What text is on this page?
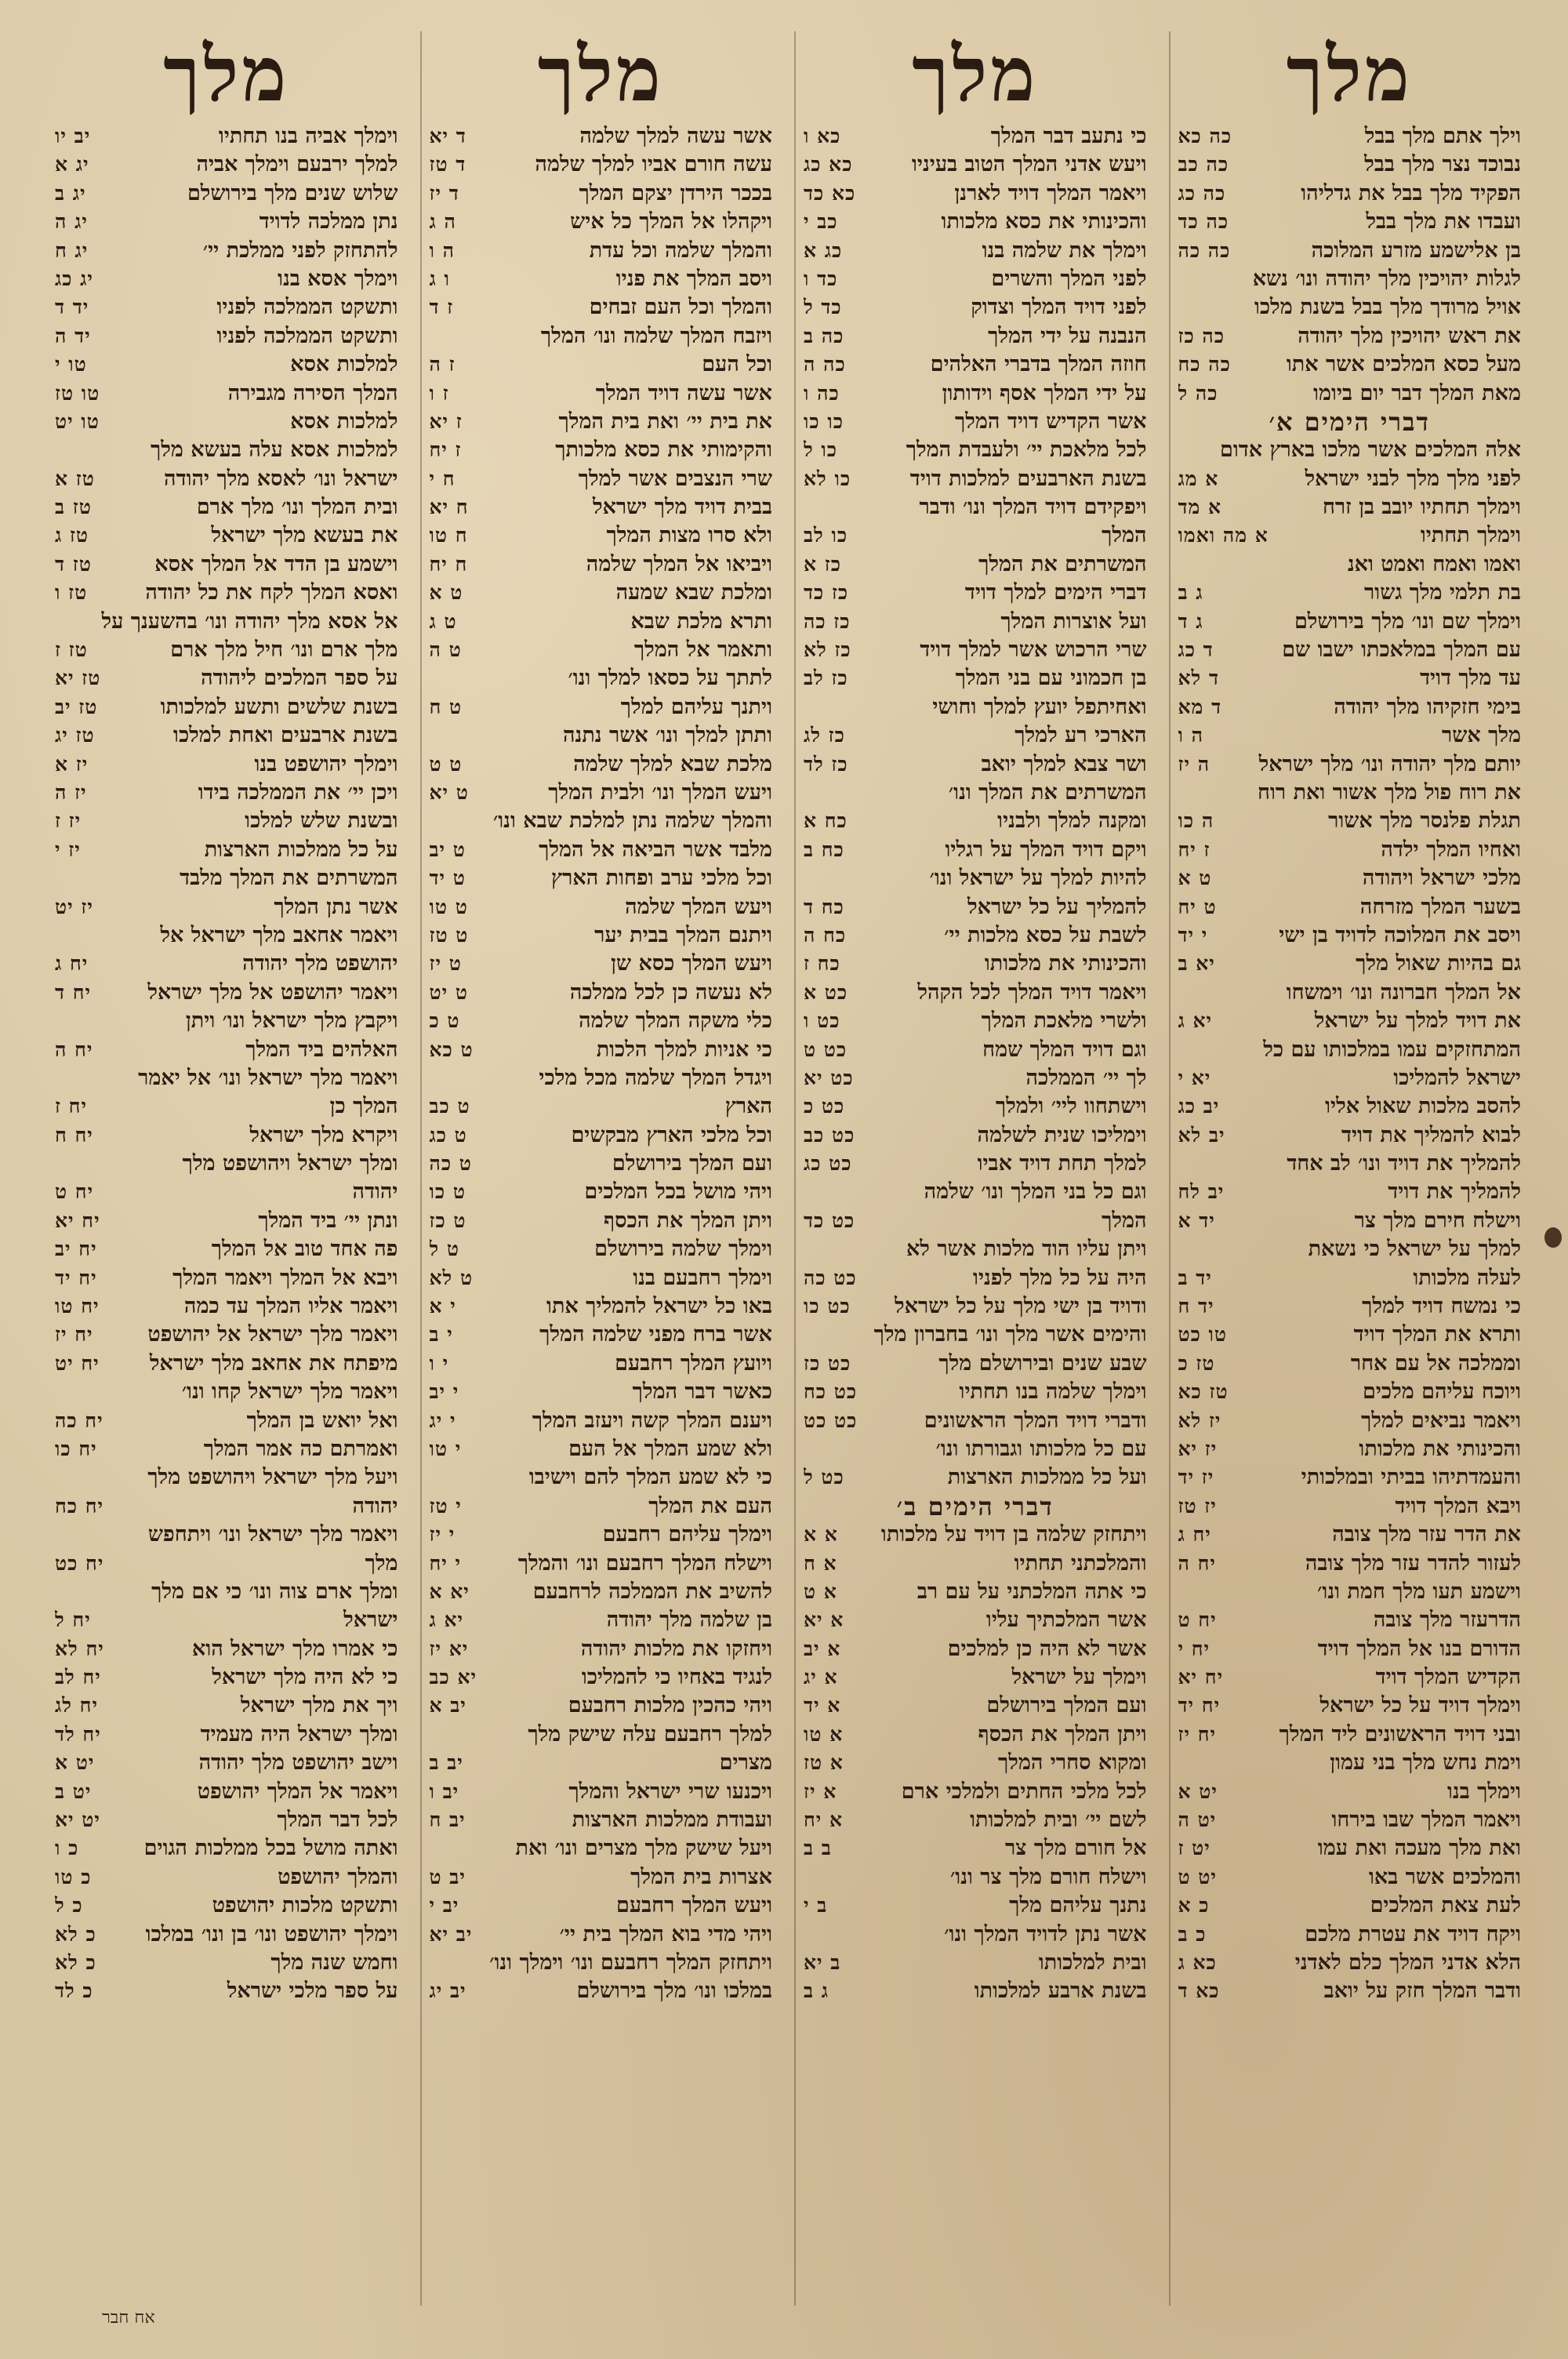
מלך
וילך אתם מלך בבל
כה כא
נבוכד נצר מלך בבל
כה כב
הפקיד מלך בבל את גדליהו
כה כג
ועבדו את מלך בבל
כה כד
בן אלישמע מזרע המלוכה
כה כה
לגלות יהויכין מלך יהודה ונו׳ נשא
אויל מרודך מלך בבל בשנת מלכו
את ראש יהויכין מלך יהודה
כה כז
מעל כסא המלכים אשר אתו
כה כח
מאת המלך דבר יום ביומו
כה ל
דברי הימים א׳
אלה המלכים אשר מלכו בארץ אדום
לפני מלך מלך לבני ישראל
א מג
וימלך תחתיו יובב בן זרח
א מד
וימלך תחתיו
א מה ואמו
ואמו ואמח ואמט ואנ
בת תלמי מלך גשור
ג ב
וימלך שם ונו׳ מלך בירושלם
ג ד
עם המלך במלאכתו ישבו שם
ד כג
עד מלך דויד
ד לא
בימי חזקיהו מלך יהודה
ד מא
מלך אשר
ה ו
יותם מלך יהודה ונו׳ מלך ישראל
ה יז
את רוח פול מלך אשור ואת רוח
תגלת פלנסר מלך אשור
ה כו
ואחיו המלך ילדה
ז יח
מלכי ישראל ויהודה
ט א
בשער המלך מזרחה
ט יח
ויסב את המלוכה לדויד בן ישי
י יד
גם בהיות שאול מלך
יא ב
אל המלך חברונה ונו׳ וימשחו
את דויד למלך על ישראל
יא ג
המתחזקים עמו במלכותו עם כל
ישראל להמליכו
יא י
להסב מלכות שאול אליו
יב כג
לבוא להמליך את דויד
יב לא
להמליך את דויד ונו׳ לב אחד
להמליך את דויד
יב לח
וישלח חירם מלך צר
יד א
למלך על ישראל כי נשאת
לעלה מלכותו
יד ב
כי נמשח דויד למלך
יד ח
ותרא את המלך דויד
טו כט
וממלכה אל עם אחר
טז כ
ויוכח עליהם מלכים
טז כא
ויאמר נביאים למלך
יז לא
והכינותי את מלכותו
יז יא
והעמדתיהו בביתי ובמלכותי
יז יד
ויבא המלך דויד
יז טז
את הדר עזר מלך צובה
יח ג
לעזור להדר עזר מלך צובה
יח ה
וישמע תעו מלך חמת ונו׳
הדרעזר מלך צובה
יח ט
הדורם בנו אל המלך דויד
יח י
הקדיש המלך דויד
יח יא
וימלך דויד על כל ישראל
יח יד
ובני דויד הראשונים ליד המלך
יח יז
וימת נחש מלך בני עמון
וימלך בנו
יט א
ויאמר המלך שבו בירחו
יט ה
ואת מלך מעכה ואת עמו
יט ז
והמלכים אשר באו
יט ט
לעת צאת המלכים
כ א
ויקח דויד את עטרת מלכם
כ ב
הלא אדני המלך כלם לאדני
כא ג
ודבר המלך חזק על יואב
כא ד
מלך
כי נתעב דבר המלך
כא ו
ויעש אדני המלך הטוב בעיניו
כא כג
ויאמר המלך דויד לארנן
כא כד
והכינותי את כסא מלכותו
כב י
וימלך את שלמה בנו
כג א
לפני המלך והשרים
כד ו
לפני דויד המלך וצדוק
כד ל
הנבנה על ידי המלך
כה ב
חוזה המלך בדברי האלהים
כה ה
על ידי המלך אסף וידותון
כה ו
אשר הקדיש דויד המלך
כו כו
לכל מלאכת יי׳ ולעבדת המלך
כו ל
בשנת הארבעים למלכות דויד
כו לא
ויפקידם דויד המלך ונו׳ ודבר
המלך
כו לב
המשרתים את המלך
כז א
דברי הימים למלך דויד
כז כד
ועל אוצרות המלך
כז כה
שרי הרכוש אשר למלך דויד
כז לא
בן חכמוני עם בני המלך
כז לב
ואחיתפל יועץ למלך וחושי
הארכי רע למלך
כז לג
ושר צבא למלך יואב
כז לד
המשרתים את המלך ונו׳
ומקנה למלך ולבניו
כח א
ויקם דויד המלך על רגליו
כח ב
להיות למלך על ישראל ונו׳
להמליך על כל ישראל
כח ד
לשבת על כסא מלכות יי׳
כח ה
והכינותי את מלכותו
כח ז
ויאמר דויד המלך לכל הקהל
כט א
ולשרי מלאכת המלך
כט ו
וגם דויד המלך שמח
כט ט
לך יי׳ הממלכה
כט יא
וישתחוו ליי׳ ולמלך
כט כ
וימליכו שנית לשלמה
כט כב
למלך תחת דויד אביו
כט כג
וגם כל בני המלך ונו׳ שלמה
המלך
כט כד
ויתן עליו הוד מלכות אשר לא
היה על כל מלך לפניו
כט כה
ודויד בן ישי מלך על כל ישראל
כט כו
והימים אשר מלך ונו׳ בחברון מלך
שבע שנים ובירושלם מלך
כט כז
וימלך שלמה בנו תחתיו
כט כח
ודברי דויד המלך הראשונים
כט כט
עם כל מלכותו וגבורתו ונו׳
ועל כל ממלכות הארצות
כט ל
דברי הימים ב׳
ויתחזק שלמה בן דויד על מלכותו
א א
והמלכתני תחתיו
א ח
כי אתה המלכתני על עם רב
א ט
אשר המלכתיך עליו
א יא
אשר לא היה כן למלכים
א יב
וימלך על ישראל
א יג
ועם המלך בירושלם
א יד
ויתן המלך את הכסף
א טו
ומקוא סחרי המלך
א טז
לכל מלכי החתים ולמלכי ארם
א יז
לשם יי׳ ובית למלכותו
א יח
אל חורם מלך צר
ב ב
וישלח חורם מלך צר ונו׳
נתנך עליהם מלך
ב י
אשר נתן לדויד המלך ונו׳
ובית למלכותו
ב יא
בשנת ארבע למלכותו
ג ב
מלך
אשר עשה למלך שלמה
ד יא
עשה חורם אביו למלך שלמה
ד טז
בככר הירדן יצקם המלך
ד יז
ויקהלו אל המלך כל איש
ה ג
והמלך שלמה וכל עדת
ה ו
ויסב המלך את פניו
ו ג
והמלך וכל העם זבחים
ז ד
ויזבח המלך שלמה ונו׳ המלך
וכל העם
ז ה
אשר עשה דויד המלך
ז ו
את בית יי׳ ואת בית המלך
ז יא
והקימותי את כסא מלכותך
ז יח
שרי הנצבים אשר למלך
ח י
בבית דויד מלך ישראל
ח יא
ולא סרו מצות המלך
ח טו
ויביאו אל המלך שלמה
ח יח
ומלכת שבא שמעה
ט א
ותרא מלכת שבא
ט ג
ותאמר אל המלך
ט ה
לתתך על כסאו למלך ונו׳
ויתנך עליהם למלך
ט ח
ותתן למלך ונו׳ אשר נתנה
מלכת שבא למלך שלמה
ט ט
ויעש המלך ונו׳ ולבית המלך
ט יא
והמלך שלמה נתן למלכת שבא ונו׳
מלבד אשר הביאה אל המלך
ט יב
וכל מלכי ערב ופחות הארץ
ט יד
ויעש המלך שלמה
ט טו
ויתנם המלך בבית יער
ט טז
ויעש המלך כסא שן
ט יז
לא נעשה כן לכל ממלכה
ט יט
כלי משקה המלך שלמה
ט כ
כי אניות למלך הלכות
ט כא
ויגדל המלך שלמה מכל מלכי
הארץ
ט כב
וכל מלכי הארץ מבקשים
ט כג
ועם המלך בירושלם
ט כה
ויהי מושל בכל המלכים
ט כו
ויתן המלך את הכסף
ט כז
וימלך שלמה בירושלם
ט ל
וימלך רחבעם בנו
ט לא
באו כל ישראל להמליך אתו
י א
אשר ברח מפני שלמה המלך
י ב
ויועץ המלך רחבעם
י ו
כאשר דבר המלך
י יב
ויענם המלך קשה ויעזב המלך
י יג
ולא שמע המלך אל העם
י טו
כי לא שמע המלך להם וישיבו
העם את המלך
י טז
וימלך עליהם רחבעם
י יז
וישלח המלך רחבעם ונו׳ והמלך
י יח
להשיב את הממלכה לרחבעם
יא א
בן שלמה מלך יהודה
יא ג
ויחזקו את מלכות יהודה
יא יז
לנגיד באחיו כי להמליכו
יא כב
ויהי כהכין מלכות רחבעם
יב א
למלך רחבעם עלה שישק מלך
מצרים
יב ב
ויכנעו שרי ישראל והמלך
יב ו
ועבודת ממלכות הארצות
יב ח
ויעל שישק מלך מצרים ונו׳ ואת
אצרות בית המלך
יב ט
ויעש המלך רחבעם
יב י
ויהי מדי בוא המלך בית יי׳
יב יא
ויתחזק המלך רחבעם ונו׳ וימלך ונו׳
במלכו ונו׳ מלך בירושלם
יב יג
מלך
וימלך אביה בנו תחתיו
יב יו
למלך ירבעם וימלך אביה
יג א
שלוש שנים מלך בירושלם
יג ב
נתן ממלכה לדויד
יג ה
להתחזק לפני ממלכת יי׳
יג ח
וימלך אסא בנו
יג כג
ותשקט הממלכה לפניו
יד ד
ותשקט הממלכה לפניו
יד ה
למלכות אסא
טו י
המלך הסירה מגבירה
טו טז
למלכות אסא
טו יט
למלכות אסא עלה בעשא מלך
ישראל ונו׳ לאסא מלך יהודה
טז א
ובית המלך ונו׳ מלך ארם
טז ב
את בעשא מלך ישראל
טז ג
וישמע בן הדד אל המלך אסא
טז ד
ואסא המלך לקח את כל יהודה
טז ו
אל אסא מלך יהודה ונו׳ בהשענך על
מלך ארם ונו׳ חיל מלך ארם
טז ז
על ספר המלכים ליהודה
טז יא
בשנת שלשים ותשע למלכותו
טז יב
בשנת ארבעים ואחת למלכו
טז יג
וימלך יהושפט בנו
יז א
ויכן יי׳ את הממלכה בידו
יז ה
ובשנת שלש למלכו
יז ז
על כל ממלכות הארצות
יז י
המשרתים את המלך מלבד
אשר נתן המלך
יז יט
ויאמר אחאב מלך ישראל אל
יהושפט מלך יהודה
יח ג
ויאמר יהושפט אל מלך ישראל
יח ד
ויקבץ מלך ישראל ונו׳ ויתן
האלהים ביד המלך
יח ה
ויאמר מלך ישראל ונו׳ אל יאמר
המלך כן
יח ז
ויקרא מלך ישראל
יח ח
ומלך ישראל ויהושפט מלך
יהודה
יח ט
ונתן יי׳ ביד המלך
יח יא
פה אחד טוב אל המלך
יח יב
ויבא אל המלך ויאמר המלך
יח יד
ויאמר אליו המלך עד כמה
יח טו
ויאמר מלך ישראל אל יהושפט
יח יז
מיפתח את אחאב מלך ישראל
יח יט
ויאמר מלך ישראל קחו ונו׳
ואל יואש בן המלך
יח כה
ואמרתם כה אמר המלך
יח כו
ויעל מלך ישראל ויהושפט מלך
יהודה
יח כח
ויאמר מלך ישראל ונו׳ ויתחפש
מלך
יח כט
ומלך ארם צוה ונו׳ כי אם מלך
ישראל
יח ל
כי אמרו מלך ישראל הוא
יח לא
כי לא היה מלך ישראל
יח לב
ויך את מלך ישראל
יח לג
ומלך ישראל היה מעמיד
יח לד
וישב יהושפט מלך יהודה
יט א
ויאמר אל המלך יהושפט
יט ב
לכל דבר המלך
יט יא
ואתה מושל בכל ממלכות הגוים
כ ו
והמלך יהושפט
כ טו
ותשקט מלכות יהושפט
כ ל
וימלך יהושפט ונו׳ בן ונו׳ במלכו
כ לא
וחמש שנה מלך
כ לא
על ספר מלכי ישראל
כ לד
אח חבר
